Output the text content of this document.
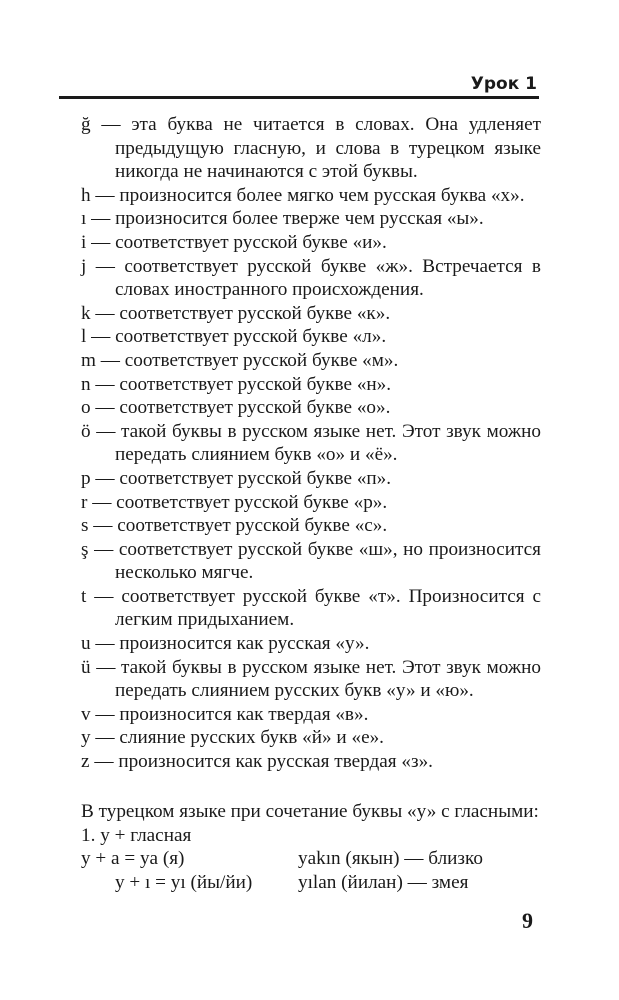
Урок 1
ğ — эта буква не читается в словах. Она удленяет предыдущую гласную, и слова в турецком языке никогда не начинаются с этой буквы.
h — произносится более мягко чем русская буква «х».
ı — произносится более тверже чем русская «ы».
i — соответствует русской букве «и».
j — соответствует русской букве «ж». Встречается в словах иностранного происхождения.
k — соответствует русской букве «к».
l — соответствует русской букве «л».
m — соответствует русской букве «м».
n — соответствует русской букве «н».
o — соответствует русской букве «о».
ö — такой буквы в русском языке нет. Этот звук можно передать слиянием букв «о» и «ё».
p — соответствует русской букве «п».
r — соответствует русской букве «р».
s — соответствует русской букве «с».
ş — соответствует русской букве «ш», но произносится несколько мягче.
t — соответствует русской букве «т». Произносится с легким придыханием.
u — произносится как русская «у».
ü — такой буквы в русском языке нет. Этот звук можно передать слиянием русских букв «у» и «ю».
v — произносится как твердая «в».
y — слияние русских букв «й» и «е».
z — произносится как русская твердая «з».
В турецком языке при сочетание буквы «у» с гласными:
1. y + гласная
y + a = ya (я)	yakın (якын) — близко
y + ı = yı (йы/йи) yılan (йилан) — змея
9
